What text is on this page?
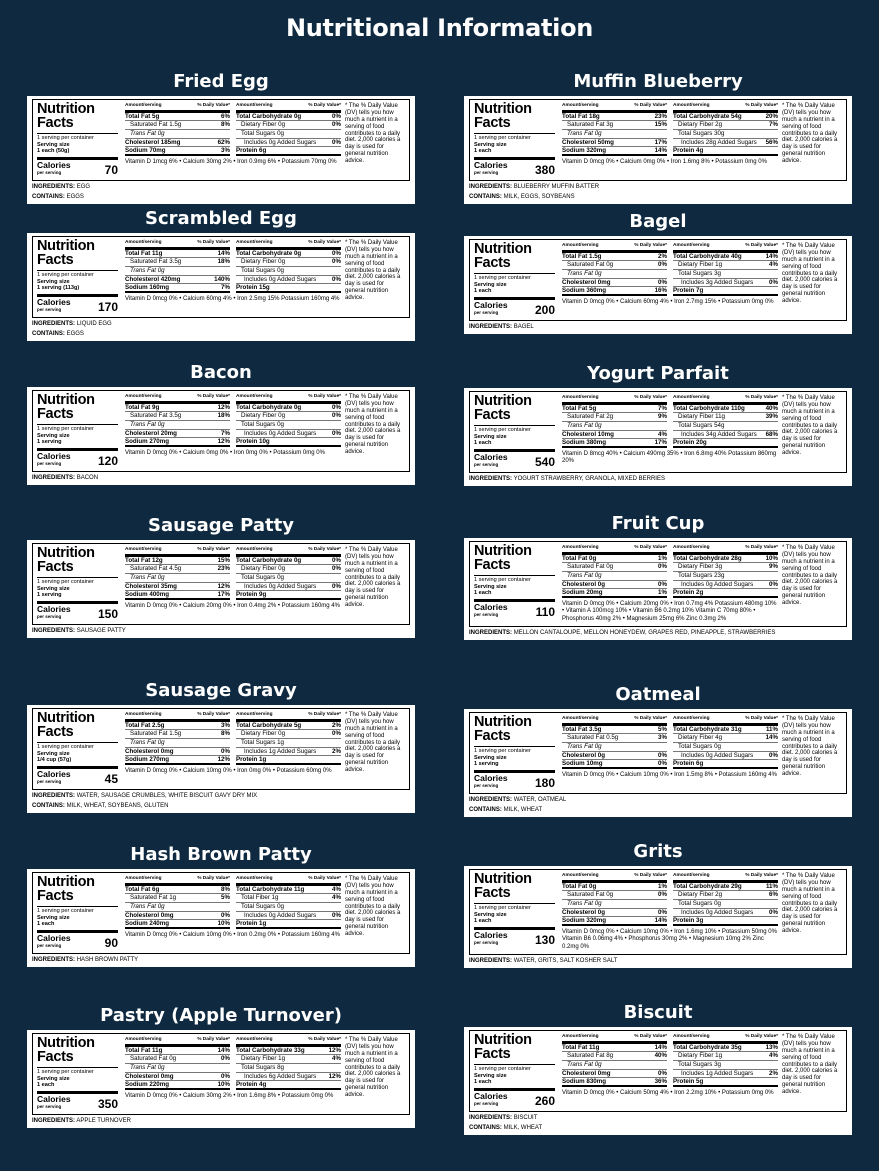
Nutritional Information
Fried Egg
Nutrition
Facts
1 serving per container
Serving size
1 each (50g)
Calories
per serving	70
Amount/serving	% Daily Value*
Total Fat 5g	6%
Saturated Fat 1.5g	8%
Trans Fat 0g
Cholesterol 185mg	62%
Sodium 70mg	3%
Amount/serving	% Daily Value*
Total Carbohydrate 0g	0%
Dietary Fiber 0g	0%
Total Sugars 0g
Includes 0g Added Sugars	0%
Protein 6g
Vitamin D 1mcg 6% • Calcium 30mg 2% • Iron 0.9mg 6% • Potassium 70mg 0%
* The % Daily Value (DV) tells you how much a nutrient in a serving of food contributes to a daily diet. 2,000 calories a day is used for general nutrition advice.
INGREDIENTS: EGG
CONTAINS: EGGS
Muffin Blueberry
Nutrition
Facts
1 serving per container
Serving size
1 each
Calories
per serving	380
Amount/serving	% Daily Value*
Total Fat 18g	23%
Saturated Fat 3g	15%
Trans Fat 0g
Cholesterol 50mg	17%
Sodium 320mg	14%
Amount/serving	% Daily Value*
Total Carbohydrate 54g	20%
Dietary Fiber 2g	7%
Total Sugars 30g
Includes 28g Added Sugars 56%
Protein 4g
Vitamin D 0mcg 0% • Calcium 0mg 0% • Iron 1.6mg 8% • Potassium 0mg 0%
* The % Daily Value (DV) tells you how much a nutrient in a serving of food contributes to a daily diet. 2,000 calories a day is used for general nutrition advice.
INGREDIENTS: BLUEBERRY MUFFIN BATTER
CONTAINS: MILK, EGGS, SOYBEANS
Scrambled Egg
Nutrition
Facts
1 serving per container
Serving size
1 serving (113g)
Calories
per serving	170
Amount/serving	% Daily Value*
Total Fat 11g	14%
Saturated Fat 3.5g	18%
Trans Fat 0g
Cholesterol 420mg	140%
Sodium 160mg	7%
Amount/serving	% Daily Value*
Total Carbohydrate 0g	0%
Dietary Fiber 0g	0%
Total Sugars 0g
Includes 0g Added Sugars	0%
Protein 15g
Vitamin D 0mcg 0% • Calcium 60mg 4% • Iron 2.5mg 15% Potassium 160mg 4%
* The % Daily Value (DV) tells you how much a nutrient in a serving of food contributes to a daily diet. 2,000 calories a day is used for general nutrition advice.
INGREDIENTS: LIQUID EGG
CONTAINS: EGGS
Bagel
Nutrition
Facts
1 serving per container
Serving size
1 each
Calories
per serving	200
Amount/serving	% Daily Value*
Total Fat 1.5g	2%
Saturated Fat 0g	0%
Trans Fat 0g
Cholesterol 0mg	0%
Sodium 360mg	16%
Amount/serving	% Daily Value*
Total Carbohydrate 40g	14%
Dietary Fiber 1g	4%
Total Sugars 3g
Includes 3g Added Sugars	0%
Protein 7g
Vitamin D 0mcg 0% • Calcium 60mg 4% • Iron 2.7mg 15% • Potassium 0mg 0%
* The % Daily Value (DV) tells you how much a nutrient in a serving of food contributes to a daily diet. 2,000 calories a day is used for general nutrition advice.
INGREDIENTS: BAGEL
Bacon
Nutrition
Facts
1 serving per container
Serving size
1 serving
Calories
per serving	120
Amount/serving	% Daily Value*
Total Fat 9g	12%
Saturated Fat 3.5g	18%
Trans Fat 0g
Cholesterol 20mg	7%
Sodium 270mg	12%
Amount/serving	% Daily Value*
Total Carbohydrate 0g	0%
Dietary Fiber 0g	0%
Total Sugars 0g
Includes 0g Added Sugars	0%
Protein 10g
Vitamin D 0mcg 0% • Calcium 0mg 0% • Iron 0mg 0% • Potassium 0mg 0%
* The % Daily Value (DV) tells you how much a nutrient in a serving of food contributes to a daily diet. 2,000 calories a day is used for general nutrition advice.
INGREDIENTS: BACON
Yogurt Parfait
Nutrition
Facts
1 serving per container
Serving size
1 each
Calories
per serving	540
Amount/serving	% Daily Value*
Total Fat 5g	7%
Saturated Fat 2g	9%
Trans Fat 0g
Cholesterol 10mg	4%
Sodium 380mg	17%
Amount/serving	% Daily Value*
Total Carbohydrate 110g	40%
Dietary Fiber 11g	39%
Total Sugars 54g
Includes 34g Added Sugars 68%
Protein 20g
Vitamin D 8mcg 40% • Calcium 490mg 35% • Iron 6.8mg 40% Potassium 860mg 20%
* The % Daily Value (DV) tells you how much a nutrient in a serving of food contributes to a daily diet. 2,000 calories a day is used for general nutrition advice.
INGREDIENTS: YOGURT STRAWBERRY, GRANOLA, MIXED BERRIES
Sausage Patty
Nutrition
Facts
1 serving per container
Serving size
1 serving
Calories
per serving	150
Amount/serving	% Daily Value*
Total Fat 12g	15%
Saturated Fat 4.5g	23%
Trans Fat 0g
Cholesterol 35mg	12%
Sodium 400mg	17%
Amount/serving	% Daily Value*
Total Carbohydrate 0g	0%
Dietary Fiber 0g	0%
Total Sugars 0g
Includes 0g Added Sugars	0%
Protein 9g
Vitamin D 0mcg 0% • Calcium 20mg 0% • Iron 0.4mg 2% • Potassium 160mg 4%
* The % Daily Value (DV) tells you how much a nutrient in a serving of food contributes to a daily diet. 2,000 calories a day is used for general nutrition advice.
INGREDIENTS: SAUSAGE PATTY
Fruit Cup
Nutrition
Facts
1 serving per container
Serving size
1 each
Calories
per serving	110
Amount/serving	% Daily Value*
Total Fat 0g	1%
Saturated Fat 0g	0%
Trans Fat 0g
Cholesterol 0g	0%
Sodium 20mg	1%
Amount/serving	% Daily Value*
Total Carbohydrate 28g	10%
Dietary Fiber 3g	9%
Total Sugars 23g
Includes 0g Added Sugars	0%
Protein 2g
Vitamin D 0mcg 0% • Calcium 20mg 0% • Iron 0.7mg 4% Potassium 480mg 10% • Vitamin A 100mcg 10% • Vitamin B6 0.2mg 10% Vitamin C 70mg 80% • Phosphorus 40mg 2% • Magnesium 25mg 6% Zinc 0.3mg 2%
* The % Daily Value (DV) tells you how much a nutrient in a serving of food contributes to a daily diet. 2,000 calories a day is used for general nutrition advice.
INGREDIENTS: MELLON CANTALOUPE, MELLON HONEYDEW, GRAPES RED, PINEAPPLE, STRAWBERRIES
Sausage Gravy
Nutrition
Facts
1 serving per container
Serving size
1/4 cup (57g)
Calories
per serving	45
Amount/serving	% Daily Value*
Total Fat 2.5g	3%
Saturated Fat 1.5g	8%
Trans Fat 0g
Cholesterol 0mg	0%
Sodium 270mg	12%
Amount/serving	% Daily Value*
Total Carbohydrate 5g	2%
Dietary Fiber 0g	0%
Total Sugars 1g
Includes 1g Added Sugars	2%
Protein 1g
Vitamin D 0mcg 0% • Calcium 10mg 0% • Iron 0mg 0% • Potassium 60mg 0%
* The % Daily Value (DV) tells you how much a nutrient in a serving of food contributes to a daily diet. 2,000 calories a day is used for general nutrition advice.
INGREDIENTS: WATER, SAUSAGE CRUMBLES, WHITE BISCUIT GAVY DRY MIX
CONTAINS: MILK, WHEAT, SOYBEANS, GLUTEN
Oatmeal
Nutrition
Facts
1 serving per container
Serving size
1 serving
Calories
per serving	180
Amount/serving	% Daily Value*
Total Fat 3.5g	5%
Saturated Fat 0.5g	3%
Trans Fat 0g
Cholesterol 0g	0%
Sodium 10mg	0%
Amount/serving	% Daily Value*
Total Carbohydrate 31g	11%
Dietary Fiber 4g	14%
Total Sugars 0g
Includes 0g Added Sugars	0%
Protein 6g
Vitamin D 0mcg 0% • Calcium 10mg 0% • Iron 1.5mg 8% • Potassium 160mg 4%
* The % Daily Value (DV) tells you how much a nutrient in a serving of food contributes to a daily diet. 2,000 calories a day is used for general nutrition advice.
INGREDIENTS: WATER, OATMEAL
CONTAINS: MILK, WHEAT
Hash Brown Patty
Nutrition
Facts
1 serving per container
Serving size
1 each
Calories
per serving	90
Amount/serving	% Daily Value*
Total Fat 6g	8%
Saturated Fat 1g	5%
Trans Fat 0g
Cholesterol 0mg	0%
Sodium 240mg	10%
Amount/serving	% Daily Value*
Total Carbohydrate 11g	4%
Total Fiber 1g	4%
Total Sugars 0g
Includes 0g Added Sugars	0%
Protein 1g
Vitamin D 0mcg 0% • Calcium 10mg 0% • Iron 0.2mg 0% • Potassium 160mg 4%
* The % Daily Value (DV) tells you how much a nutrient in a serving of food contributes to a daily diet. 2,000 calories a day is used for general nutrition advice.
INGREDIENTS: HASH BROWN PATTY
Grits
Nutrition
Facts
1 serving per container
Serving size
1 each
Calories
per serving	130
Amount/serving	% Daily Value*
Total Fat 0g	1%
Saturated Fat 0g	0%
Trans Fat 0g
Cholesterol 0g	0%
Sodium 320mg	14%
Amount/serving	% Daily Value*
Total Carbohydrate 29g	11%
Dietary Fiber 2g	6%
Total Sugars 0g
Includes 0g Added Sugars	0%
Protein 3g
Vitamin D 0mcg 0% • Calcium 10mg 0% • Iron 1.6mg 10% • Potassium 50mg 0% Vitamin B6 0.06mg 4% • Phosphorus 30mg 2% • Magnesium 10mg 2% Zinc 0.2mg 0%
* The % Daily Value (DV) tells you how much a nutrient in a serving of food contributes to a daily diet. 2,000 calories a day is used for general nutrition advice.
INGREDIENTS: WATER, GRITS, SALT KOSHER SALT
Pastry (Apple Turnover)
Nutrition
Facts
1 serving per container
Serving size
1 each
Calories
per serving	350
Amount/serving	% Daily Value*
Total Fat 11g	14%
Saturated Fat 0g	0%
Trans Fat 0g
Cholesterol 0mg	0%
Sodium 220mg	10%
Amount/serving	% Daily Value*
Total Carbohydrate 33g	12%
Dietary Fiber 1g	4%
Total Sugars 8g
Includes 6g Added Sugars 12%
Protein 4g
Vitamin D 0mcg 0% • Calcium 30mg 2% • Iron 1.6mg 8% • Potassium 0mg 0%
* The % Daily Value (DV) tells you how much a nutrient in a serving of food contributes to a daily diet. 2,000 calories a day is used for general nutrition advice.
INGREDIENTS: APPLE TURNOVER
Biscuit
Nutrition
Facts
1 serving per container
Serving size
1 each
Calories
per serving	260
Amount/serving	% Daily Value*
Total Fat 11g	14%
Saturated Fat 8g	40%
Trans Fat 0g
Cholesterol 0mg	0%
Sodium 830mg	36%
Amount/serving	% Daily Value*
Total Carbohydrate 35g	13%
Dietary Fiber 1g	4%
Total Sugars 3g
Includes 1g Added Sugars	2%
Protein 5g
Vitamin D 0mcg 0% • Calcium 50mg 4% • Iron 2.2mg 10% • Potassium 0mg 0%
* The % Daily Value (DV) tells you how much a nutrient in a serving of food contributes to a daily diet. 2,000 calories a day is used for general nutrition advice.
INGREDIENTS: BISCUIT
CONTAINS: MILK, WHEAT
